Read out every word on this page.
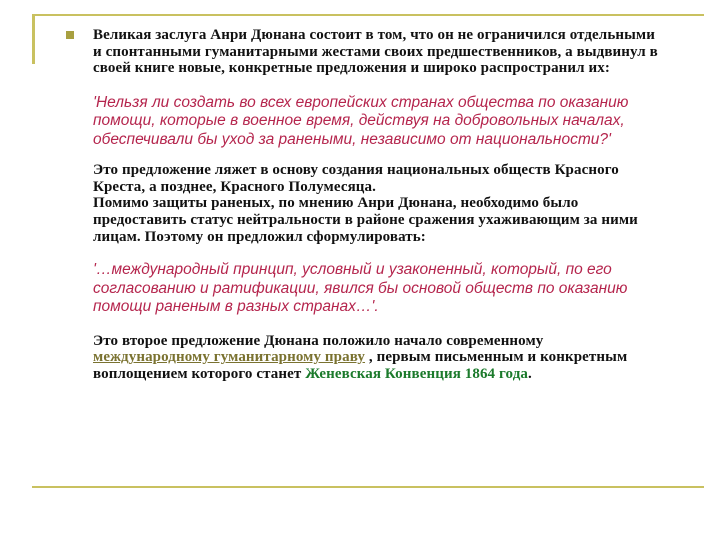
Великая заслуга Анри Дюнана состоит в том, что он не ограничился отдельными и спонтанными гуманитарными жестами своих предшественников, а выдвинул в своей книге новые, конкретные предложения и широко распространил их:

'Нельзя ли создать во всех европейских странах общества по оказанию помощи, которые в военное время, действуя на добровольных началах, обеспечивали бы уход за ранеными, независимо от национальности?'

Это предложение ляжет в основу создания национальных обществ Красного Креста, а позднее, Красного Полумесяца.

Помимо защиты раненых, по мнению Анри Дюнана, необходимо было предоставить статус нейтральности в районе сражения ухаживающим за ними лицам. Поэтому он предложил сформулировать:

'…международный принцип, условный и узаконенный, который, по его согласованию и ратификации, явился бы основой обществ по оказанию помощи раненым в разных странах…'.

Это второе предложение Дюнана положило начало современному международному гуманитарному праву , первым письменным и конкретным воплощением которого станет Женевская Конвенция 1864 года.
